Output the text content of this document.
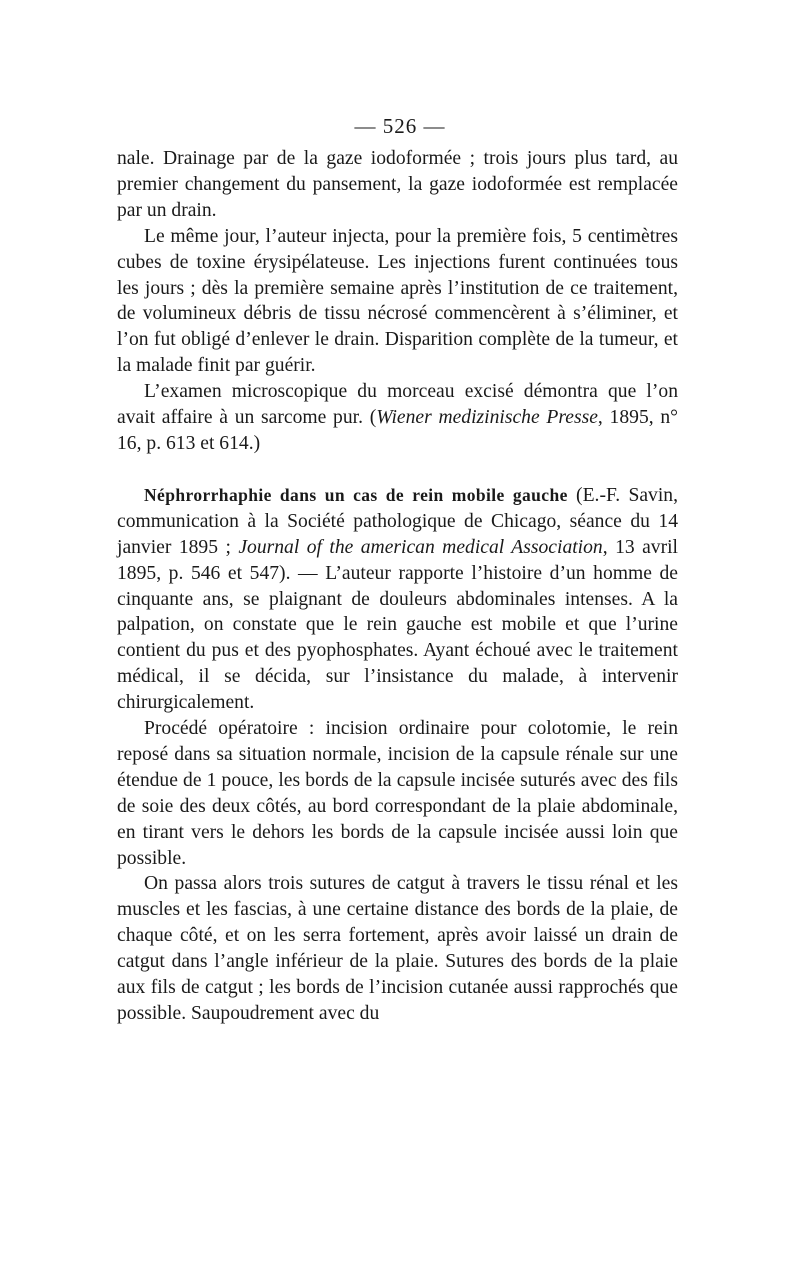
— 526 —

nale. Drainage par de la gaze iodoformée ; trois jours plus tard, au premier changement du pansement, la gaze iodoformée est remplacée par un drain.

Le même jour, l’auteur injecta, pour la première fois, 5 centimètres cubes de toxine érysipélateuse. Les injections furent continuées tous les jours ; dès la première semaine après l’institution de ce traitement, de volumineux débris de tissu nécrosé commencèrent à s’éliminer, et l’on fut obligé d’enlever le drain. Disparition complète de la tumeur, et la malade finit par guérir.

L’examen microscopique du morceau excisé démontra que l’on avait affaire à un sarcome pur. (Wiener medizinische Presse, 1895, n° 16, p. 613 et 614.)

Néphrorrhaphie dans un cas de rein mobile gauche (E.-F. Savin, communication à la Société pathologique de Chicago, séance du 14 janvier 1895 ; Journal of the american medical Association, 13 avril 1895, p. 546 et 547). — L’auteur rapporte l’histoire d’un homme de cinquante ans, se plaignant de douleurs abdominales intenses. A la palpation, on constate que le rein gauche est mobile et que l’urine contient du pus et des pyophosphates. Ayant échoué avec le traitement médical, il se décida, sur l’insistance du malade, à intervenir chirurgicalement.

Procédé opératoire : incision ordinaire pour colotomie, le rein reposé dans sa situation normale, incision de la capsule rénale sur une étendue de 1 pouce, les bords de la capsule incisée suturés avec des fils de soie des deux côtés, au bord correspondant de la plaie abdominale, en tirant vers le dehors les bords de la capsule incisée aussi loin que possible.

On passa alors trois sutures de catgut à travers le tissu rénal et les muscles et les fascias, à une certaine distance des bords de la plaie, de chaque côté, et on les serra fortement, après avoir laissé un drain de catgut dans l’angle inférieur de la plaie. Sutures des bords de la plaie aux fils de catgut ; les bords de l’incision cutanée aussi rapprochés que possible. Saupoudrement avec du
